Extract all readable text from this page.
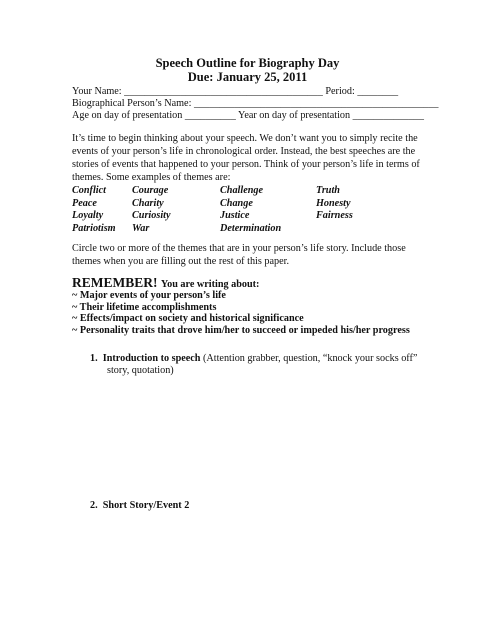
Speech Outline for Biography Day
Due: January 25, 2011
Your Name: _______________________________________ Period: ________
Biographical Person’s Name: ________________________________________________
Age on day of presentation __________ Year on day of presentation ______________
It’s time to begin thinking about your speech. We don’t want you to simply recite the
events of your person’s life in chronological order. Instead, the best speeches are the
stories of events that happened to your person. Think of your person’s life in terms of
themes. Some examples of themes are:
Conflict	Courage	Challenge	Truth
Peace	Charity	Change	Honesty
Loyalty	Curiosity	Justice	Fairness
Patriotism	War	Determination
Circle two or more of the themes that are in your person’s life story. Include those
themes when you are filling out the rest of this paper.
REMEMBER! You are writing about:
~ Major events of your person’s life
~ Their lifetime accomplishments
~ Effects/impact on society and historical significance
~ Personality traits that drove him/her to succeed or impeded his/her progress
1. Introduction to speech (Attention grabber, question, “knock your socks off”
story, quotation)
2. Short Story/Event 2
